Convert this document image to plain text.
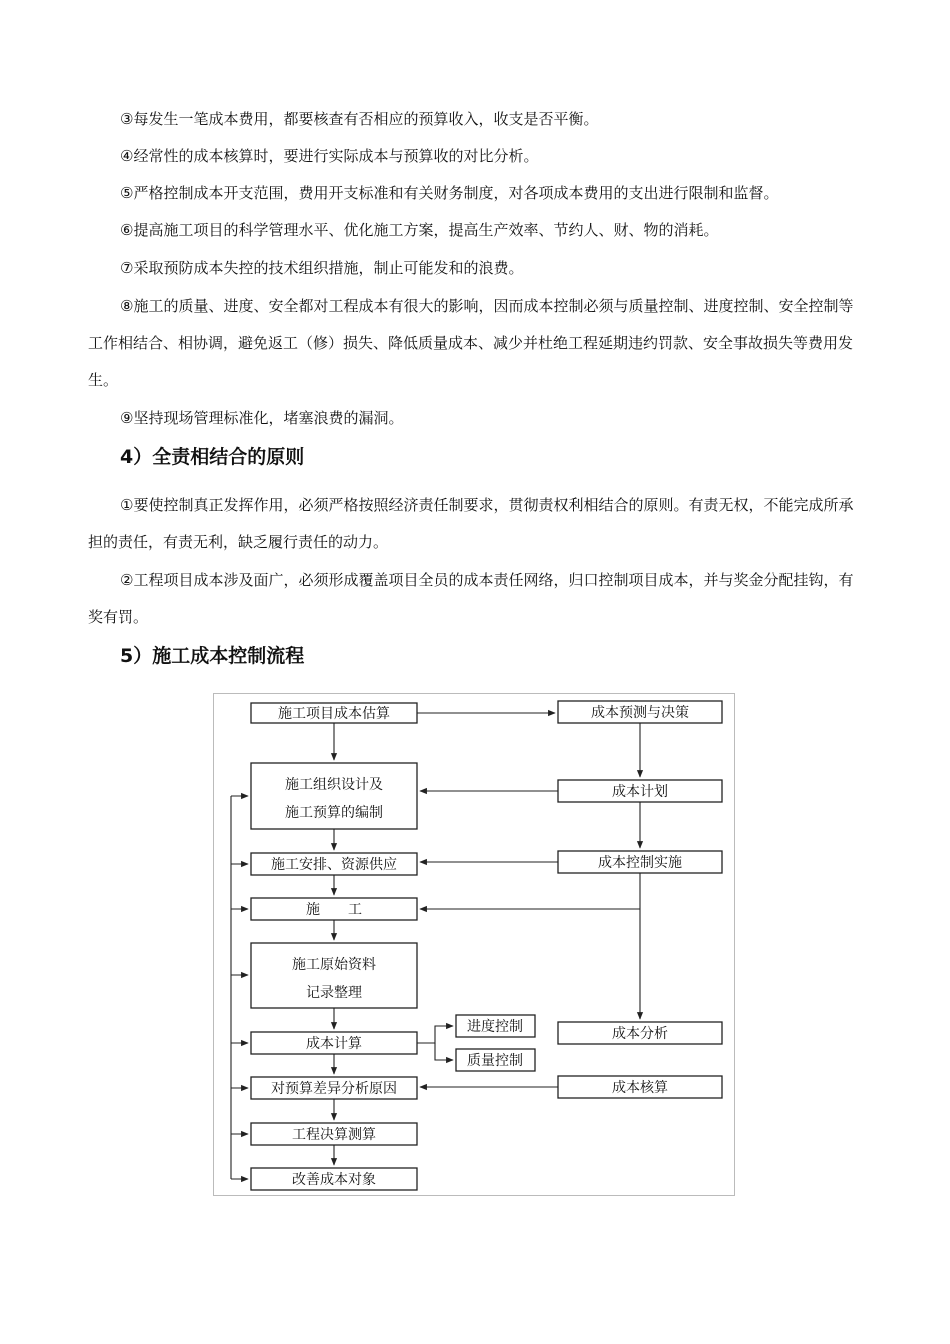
③每发生一笔成本费用，都要核查有否相应的预算收入，收支是否平衡。

④经常性的成本核算时，要进行实际成本与预算收的对比分析。

⑤严格控制成本开支范围，费用开支标准和有关财务制度，对各项成本费用的支出进行限制和监督。

⑥提高施工项目的科学管理水平、优化施工方案，提高生产效率、节约人、财、物的消耗。

⑦采取预防成本失控的技术组织措施，制止可能发和的浪费。

⑧施工的质量、进度、安全都对工程成本有很大的影响，因而成本控制必须与质量控制、进度控制、安全控制等工作相结合、相协调，避免返工（修）损失、降低质量成本、减少并杜绝工程延期违约罚款、安全事故损失等费用发生。

⑨坚持现场管理标准化，堵塞浪费的漏洞。

4）全责相结合的原则

①要使控制真正发挥作用，必须严格按照经济责任制要求，贯彻责权利相结合的原则。有责无权，不能完成所承担的责任，有责无利，缺乏履行责任的动力。

②工程项目成本涉及面广，必须形成覆盖项目全员的成本责任网络，归口控制项目成本，并与奖金分配挂钩，有奖有罚。

5）施工成本控制流程
施工项目成本估算
施工组织设计及
施工预算的编制
施工安排、资源供应
施　　工
施工原始资料
记录整理
成本计算
对预算差异分析原因
工程决算测算
改善成本对象
进度控制
质量控制
成本预测与决策
成本计划
成本控制实施
成本分析
成本核算
